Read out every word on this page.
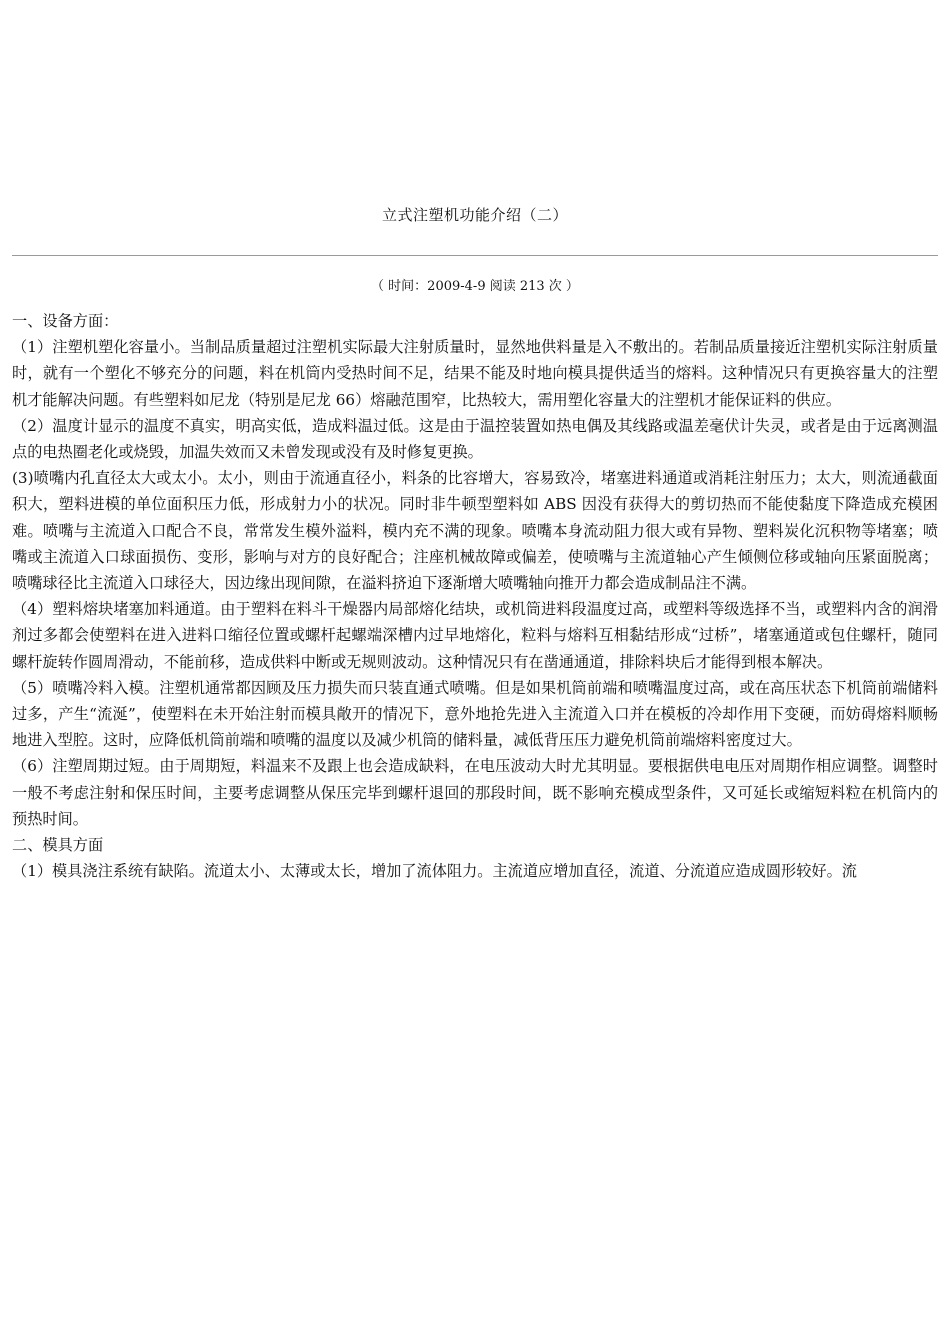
立式注塑机功能介绍（二）
（ 时间：2009-4-9 阅读 213 次 ）

一、设备方面：

（1）注塑机塑化容量小。当制品质量超过注塑机实际最大注射质量时，显然地供料量是入不敷出的。若制品质量接近注塑机实际注射质量时，就有一个塑化不够充分的问题，料在机筒内受热时间不足，结果不能及时地向模具提供适当的熔料。这种情况只有更换容量大的注塑机才能解决问题。有些塑料如尼龙（特别是尼龙 66）熔融范围窄，比热较大，需用塑化容量大的注塑机才能保证料的供应。

（2）温度计显示的温度不真实，明高实低，造成料温过低。这是由于温控装置如热电偶及其线路或温差毫伏计失灵，或者是由于远离测温点的电热圈老化或烧毁，加温失效而又未曾发现或没有及时修复更换。

(3)喷嘴内孔直径太大或太小。太小，则由于流通直径小，料条的比容增大，容易致冷，堵塞进料通道或消耗注射压力；太大，则流通截面积大，塑料进模的单位面积压力低，形成射力小的状况。同时非牛顿型塑料如 ABS 因没有获得大的剪切热而不能使黏度下降造成充模困难。喷嘴与主流道入口配合不良，常常发生模外溢料，模内充不满的现象。喷嘴本身流动阻力很大或有异物、塑料炭化沉积物等堵塞；喷嘴或主流道入口球面损伤、变形，影响与对方的良好配合；注座机械故障或偏差，使喷嘴与主流道轴心产生倾侧位移或轴向压紧面脱离；喷嘴球径比主流道入口球径大，因边缘出现间隙，在溢料挤迫下逐渐增大喷嘴轴向推开力都会造成制品注不满。

（4）塑料熔块堵塞加料通道。由于塑料在料斗干燥器内局部熔化结块，或机筒进料段温度过高，或塑料等级选择不当，或塑料内含的润滑剂过多都会使塑料在进入进料口缩径位置或螺杆起螺端深槽内过早地熔化，粒料与熔料互相黏结形成“过桥”，堵塞通道或包住螺杆，随同螺杆旋转作圆周滑动，不能前移，造成供料中断或无规则波动。这种情况只有在凿通通道，排除料块后才能得到根本解决。

（5）喷嘴冷料入模。注塑机通常都因顾及压力损失而只装直通式喷嘴。但是如果机筒前端和喷嘴温度过高，或在高压状态下机筒前端储料过多，产生“流涎”，使塑料在未开始注射而模具敞开的情况下，意外地抢先进入主流道入口并在模板的冷却作用下变硬，而妨碍熔料顺畅地进入型腔。这时，应降低机筒前端和喷嘴的温度以及减少机筒的储料量，减低背压压力避免机筒前端熔料密度过大。

（6）注塑周期过短。由于周期短，料温来不及跟上也会造成缺料，在电压波动大时尤其明显。要根据供电电压对周期作相应调整。调整时一般不考虑注射和保压时间，主要考虑调整从保压完毕到螺杆退回的那段时间，既不影响充模成型条件，又可延长或缩短料粒在机筒内的预热时间。

二、模具方面

（1）模具浇注系统有缺陷。流道太小、太薄或太长，增加了流体阻力。主流道应增加直径，流道、分流道应造成圆形较好。流
